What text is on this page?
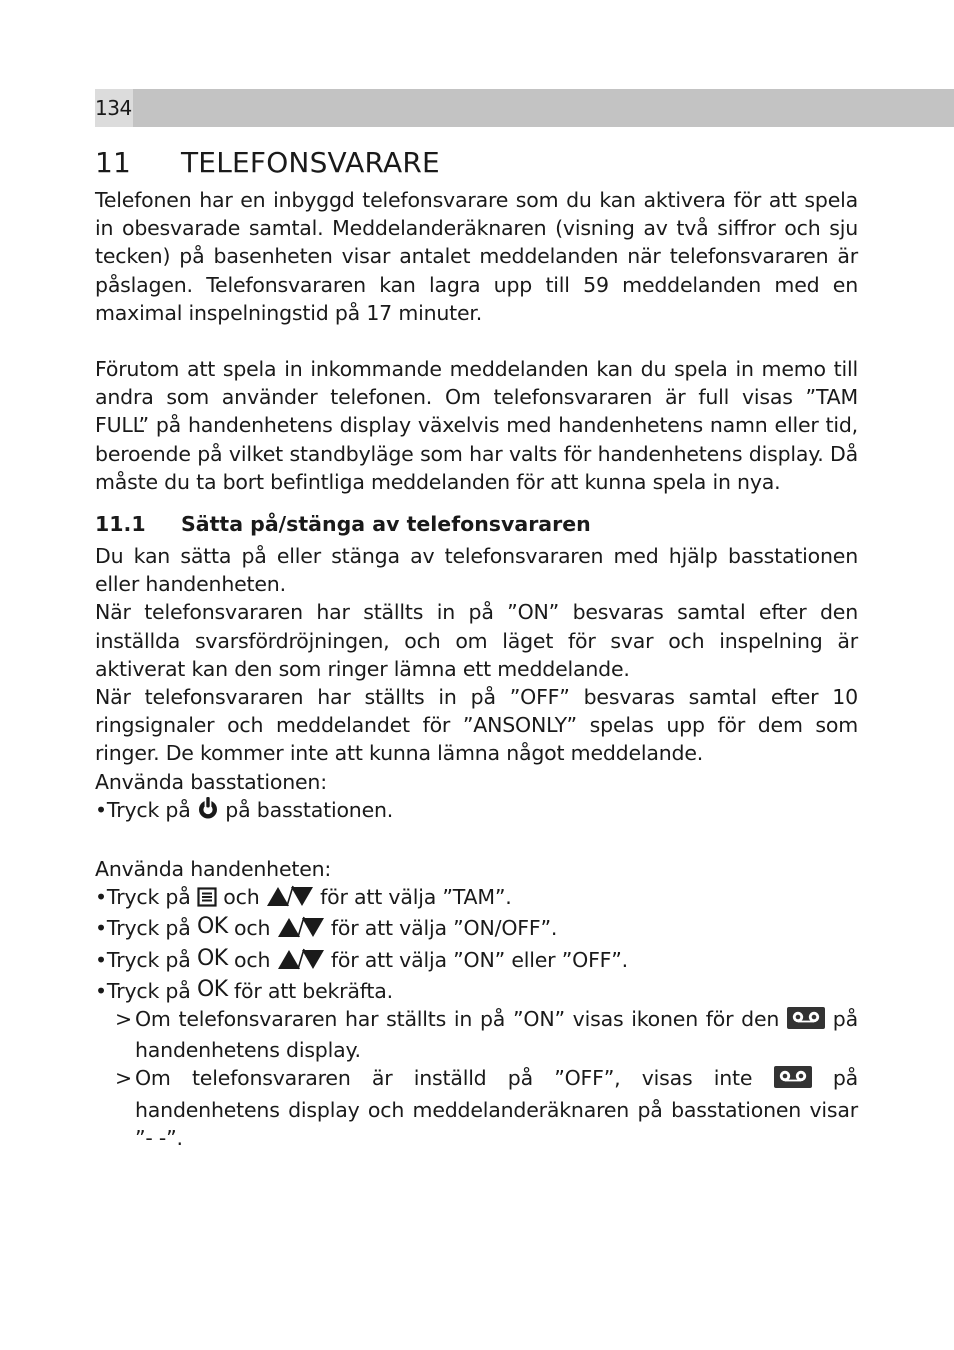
134
11 TELEFONSVARARE

Telefonen har en inbyggd telefonsvarare som du kan aktivera för att spela in obesvarade samtal. Meddelanderäknaren (visning av två siffror och sju tecken) på basenheten visar antalet meddelanden när telefonsvararen är påslagen. Telefonsvararen kan lagra upp till 59 meddelanden med en maximal inspelningstid på 17 minuter.

Förutom att spela in inkommande meddelanden kan du spela in memo till andra som använder telefonen. Om telefonsvararen är full visas ”TAM FULL” på handenhetens display växelvis med handenhetens namn eller tid, beroende på vilket standbyläge som har valts för handenhetens display. Då måste du ta bort befintliga meddelanden för att kunna spela in nya.

11.1 Sätta på/stänga av telefonsvararen

Du kan sätta på eller stänga av telefonsvararen med hjälp basstationen eller handenheten.

När telefonsvararen har ställts in på ”ON” besvaras samtal efter den inställda svarsfördröjningen, och om läget för svar och inspelning är aktiverat kan den som ringer lämna ett meddelande.

När telefonsvararen har ställts in på ”OFF” besvaras samtal efter 10 ringsignaler och meddelandet för ”ANSONLY” spelas upp för dem som ringer. De kommer inte att kunna lämna något meddelande.

Använda basstationen:

• Tryck på på basstationen.

Använda handenheten:

• Tryck på och	för att välja ”TAM”.

• Tryck på OK och	för att välja ”ON/OFF”.

• Tryck på OK och	för att välja ”ON” eller ”OFF”.

• Tryck på OK för att bekräfta.

> Om telefonsvararen har ställts in på ”ON” visas ikonen för den	på handenhetens display.

> Om telefonsvararen är inställd på ”OFF”, visas inte	på handenhetens display och meddelanderäknaren på basstationen visar ”- -”.
